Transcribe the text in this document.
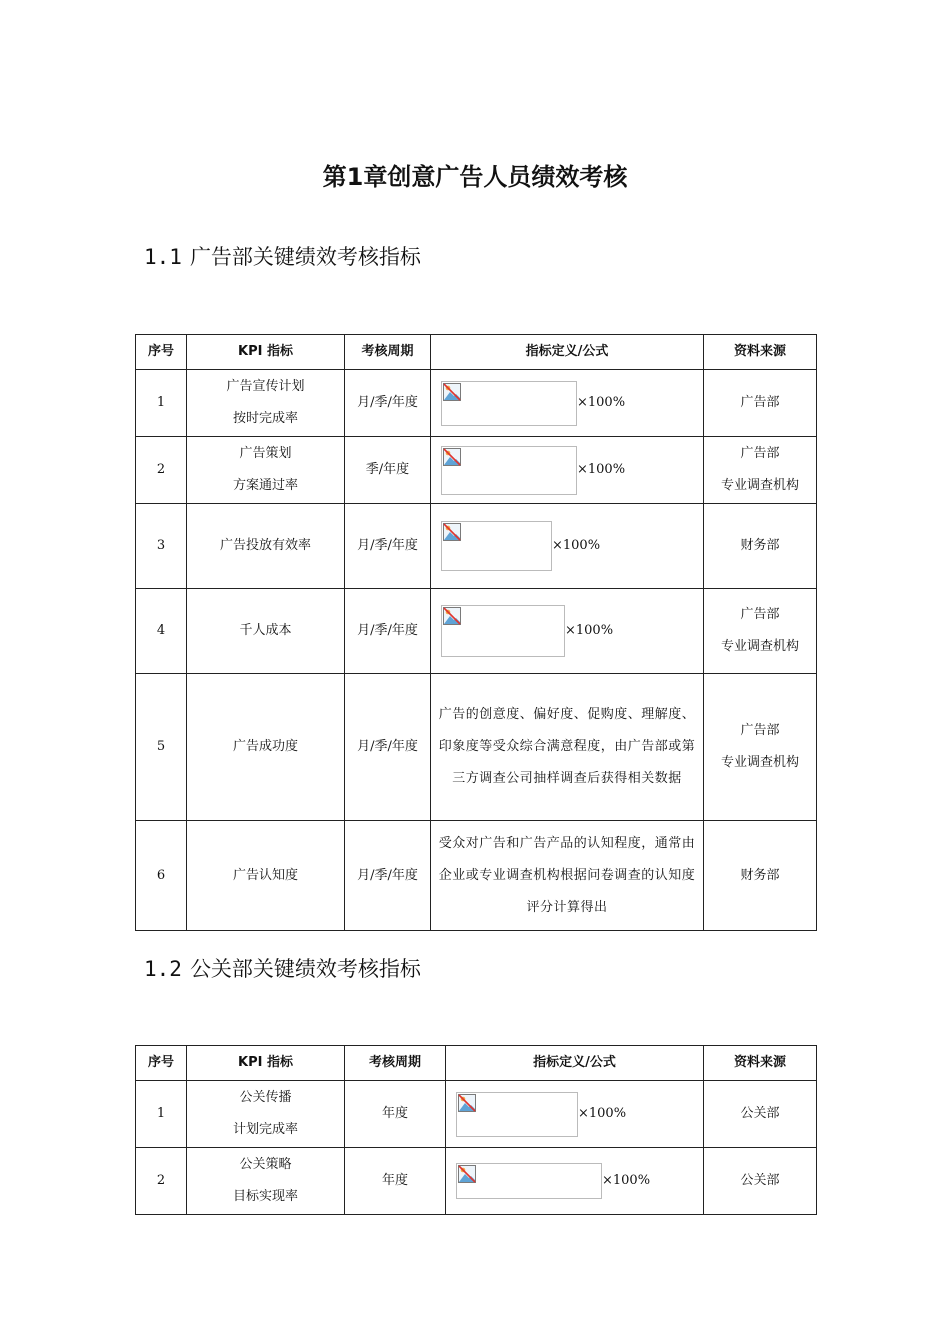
第1章创意广告人员绩效考核
1.1 广告部关键绩效考核指标
序号	KPI 指标	考核周期	指标定义/公式	资料来源
1	广告宣传计划
按时完成率	月/季/年度	×100%	广告部

2	广告策划
方案通过率	季/年度	×100%	广告部
专业调查机构

3	广告投放有效率	月/季/年度	×100%	财务部

4	千人成本	月/季/年度	×100%	广告部
专业调查机构

5	广告成功度	月/季/年度	广告的创意度、偏好度、促购度、理解度、印象度等受众综合满意程度，由广告部或第三方调查公司抽样调查后获得相关数据	广告部
专业调查机构

6	广告认知度	月/季/年度	受众对广告和广告产品的认知程度，通常由企业或专业调查机构根据问卷调查的认知度评分计算得出	财务部
1.2 公关部关键绩效考核指标
序号	KPI 指标	考核周期	指标定义/公式	资料来源
1	公关传播
计划完成率	年度	×100%	公关部

2	公关策略
目标实现率	年度	×100%	公关部
